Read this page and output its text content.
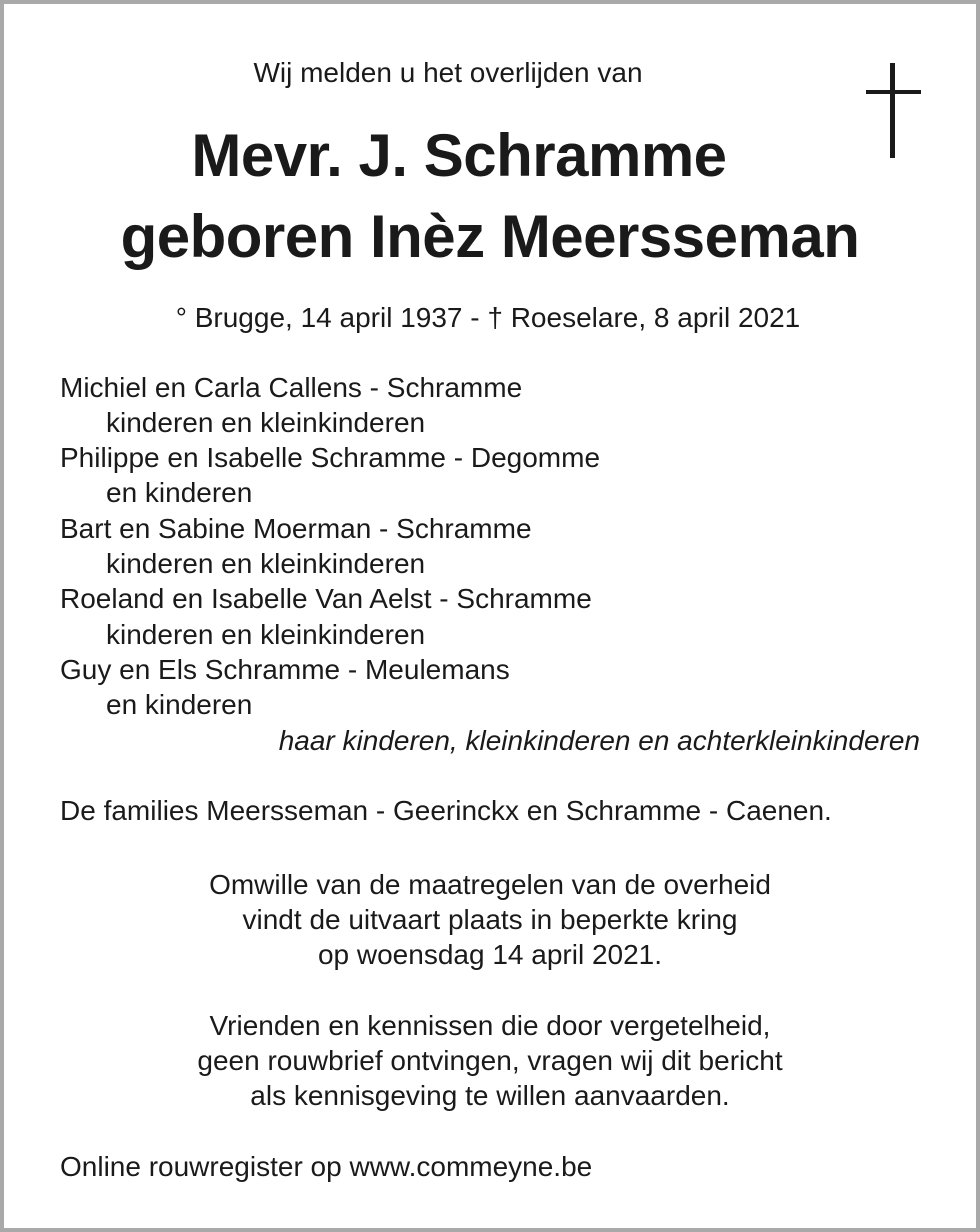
Wij melden u het overlijden van
Mevr. J. Schramme
geboren Inèz Meersseman
° Brugge, 14 april 1937 - † Roeselare, 8 april 2021
Michiel en Carla Callens - Schramme
kinderen en kleinkinderen
Philippe en Isabelle Schramme - Degomme
en kinderen
Bart en Sabine Moerman - Schramme
kinderen en kleinkinderen
Roeland en Isabelle Van Aelst - Schramme
kinderen en kleinkinderen
Guy en Els Schramme - Meulemans
en kinderen
haar kinderen, kleinkinderen en achterkleinkinderen
De families Meersseman - Geerinckx en Schramme - Caenen.
Omwille van de maatregelen van de overheid
vindt de uitvaart plaats in beperkte kring
op woensdag 14 april 2021.
Vrienden en kennissen die door vergetelheid,
geen rouwbrief ontvingen, vragen wij dit bericht
als kennisgeving te willen aanvaarden.
Online rouwregister op www.commeyne.be
